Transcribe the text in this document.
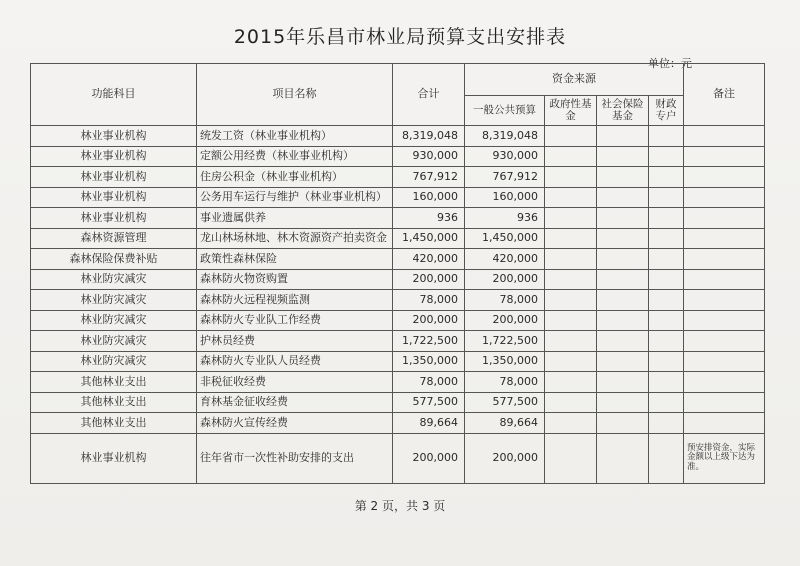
2015年乐昌市林业局预算支出安排表
单位：元
功能科目	项目名称	合计	资金来源				备注
			一般公共预算	政府性基金	社会保险基金	财政专户	
林业事业机构	统发工资（林业事业机构）	8,319,048	8,319,048				
林业事业机构	定额公用经费（林业事业机构）	930,000	930,000				
林业事业机构	住房公积金（林业事业机构）	767,912	767,912				
林业事业机构	公务用车运行与维护（林业事业机构）	160,000	160,000				
林业事业机构	事业遗属供养	936	936				
森林资源管理	龙山林场林地、林木资源资产拍卖资金	1,450,000	1,450,000				
森林保险保费补贴	政策性森林保险	420,000	420,000				
林业防灾减灾	森林防火物资购置	200,000	200,000				
林业防灾减灾	森林防火远程视频监测	78,000	78,000				
林业防灾减灾	森林防火专业队工作经费	200,000	200,000				
林业防灾减灾	护林员经费	1,722,500	1,722,500				
林业防灾减灾	森林防火专业队人员经费	1,350,000	1,350,000				
其他林业支出	非税征收经费	78,000	78,000				
其他林业支出	育林基金征收经费	577,500	577,500				
其他林业支出	森林防火宣传经费	89,664	89,664				
林业事业机构	往年省市一次性补助安排的支出	200,000	200,000				预安排资金，实际金额以上级下达为准。
第 2 页，共 3 页
